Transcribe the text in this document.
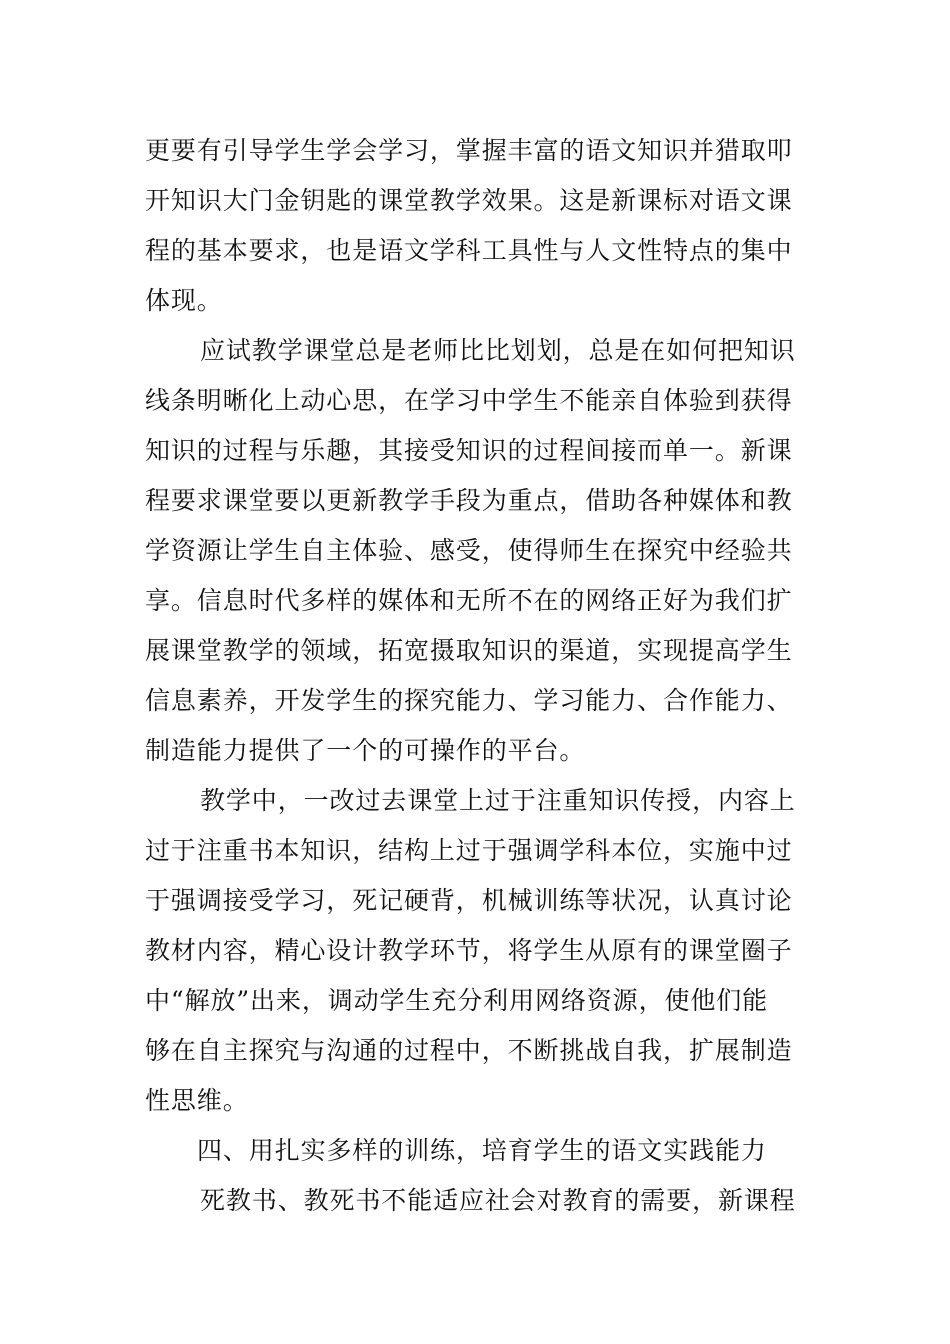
更要有引导学生学会学习，掌握丰富的语文知识并猎取叩
开知识大门金钥匙的课堂教学效果。这是新课标对语文课
程的基本要求，也是语文学科工具性与人文性特点的集中
体现。
应试教学课堂总是老师比比划划，总是在如何把知识
线条明晰化上动心思，在学习中学生不能亲自体验到获得
知识的过程与乐趣，其接受知识的过程间接而单一。新课
程要求课堂要以更新教学手段为重点，借助各种媒体和教
学资源让学生自主体验、感受，使得师生在探究中经验共
享。信息时代多样的媒体和无所不在的网络正好为我们扩
展课堂教学的领域，拓宽摄取知识的渠道，实现提高学生
信息素养，开发学生的探究能力、学习能力、合作能力、
制造能力提供了一个的可操作的平台。
教学中，一改过去课堂上过于注重知识传授，内容上
过于注重书本知识，结构上过于强调学科本位，实施中过
于强调接受学习，死记硬背，机械训练等状况，认真讨论
教材内容，精心设计教学环节，将学生从原有的课堂圈子
中“解放”出来，调动学生充分利用网络资源，使他们能
够在自主探究与沟通的过程中，不断挑战自我，扩展制造
性思维。
四、用扎实多样的训练，培育学生的语文实践能力
死教书、教死书不能适应社会对教育的需要，新课程
